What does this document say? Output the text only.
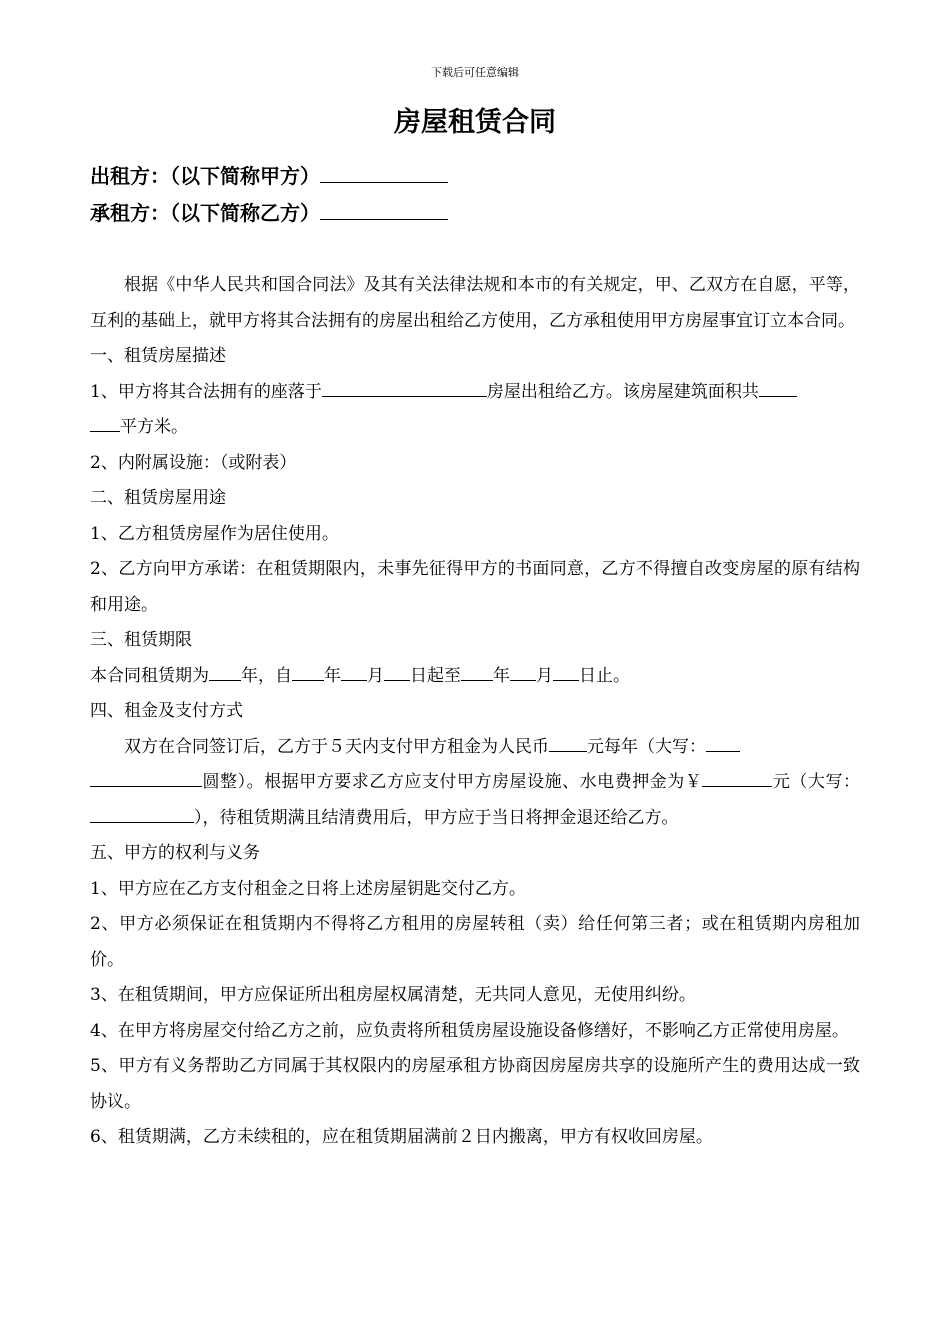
下载后可任意编辑
房屋租赁合同
出租方：（以下简称甲方）
承租方：（以下简称乙方）

根据《中华人民共和国合同法》及其有关法律法规和本市的有关规定，甲、乙双方在自愿，平等，互利的基础上，就甲方将其合法拥有的房屋出租给乙方使用，乙方承租使用甲方房屋事宜订立本合同。

一、租赁房屋描述

1、甲方将其合法拥有的座落于	房屋出租给乙方。该房屋建筑面积共
平方米。

2、内附属设施：（或附表）

二、租赁房屋用途

1、乙方租赁房屋作为居住使用。

2、乙方向甲方承诺：在租赁期限内，未事先征得甲方的书面同意，乙方不得擅自改变房屋的原有结构和用途。

三、租赁期限

本合同租赁期为 年，自 年 月 日起至 年 月 日止。

四、租金及支付方式

双方在合同签订后，乙方于５天内支付甲方租金为人民币 元每年（大写：
圆整）。根据甲方要求乙方应支付甲方房屋设施、水电费押金为￥	元（大写：），待租赁期满且结清费用后，甲方应于当日将押金退还给乙方。

五、甲方的权利与义务

1、甲方应在乙方支付租金之日将上述房屋钥匙交付乙方。

2、甲方必须保证在租赁期内不得将乙方租用的房屋转租（卖）给任何第三者；或在租赁期内房租加价。

3、在租赁期间，甲方应保证所出租房屋权属清楚，无共同人意见，无使用纠纷。

4、在甲方将房屋交付给乙方之前，应负责将所租赁房屋设施设备修缮好，不影响乙方正常使用房屋。

5、甲方有义务帮助乙方同属于其权限内的房屋承租方协商因房屋房共享的设施所产生的费用达成一致协议。

6、租赁期满，乙方未续租的，应在租赁期届满前２日内搬离，甲方有权收回房屋。
